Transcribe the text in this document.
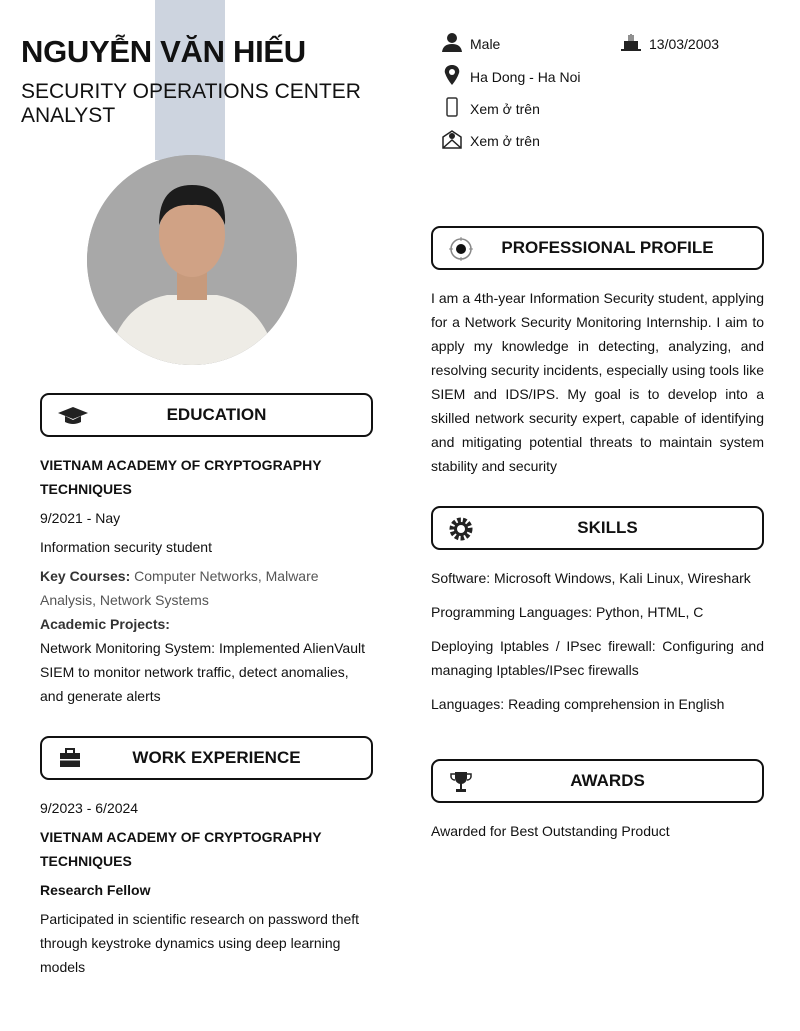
NGUYỄN VĂN HIẾU
SECURITY OPERATIONS CENTER ANALYST
Male	13/03/2003
Ha Dong - Ha Noi
Xem ở trên
Xem ở trên
EDUCATION
VIETNAM ACADEMY OF CRYPTOGRAPHY TECHNIQUES
9/2021 - Nay
Information security student
Key Courses: Computer Networks, Malware Analysis, Network Systems
Academic Projects:
Network Monitoring System: Implemented AlienVault SIEM to monitor network traffic, detect anomalies, and generate alerts
WORK EXPERIENCE
9/2023 - 6/2024
VIETNAM ACADEMY OF CRYPTOGRAPHY TECHNIQUES
Research Fellow
Participated in scientific research on password theft through keystroke dynamics using deep learning models
PROFESSIONAL PROFILE
I am a 4th-year Information Security student, applying for a Network Security Monitoring Internship. I aim to apply my knowledge in detecting, analyzing, and resolving security incidents, especially using tools like SIEM and IDS/IPS. My goal is to develop into a skilled network security expert, capable of identifying and mitigating potential threats to maintain system stability and security
SKILLS
Software: Microsoft Windows, Kali Linux, Wireshark
Programming Languages: Python, HTML, C
Deploying Iptables / IPsec firewall: Configuring and managing Iptables/IPsec firewalls
Languages: Reading comprehension in English
AWARDS
Awarded for Best Outstanding Product
